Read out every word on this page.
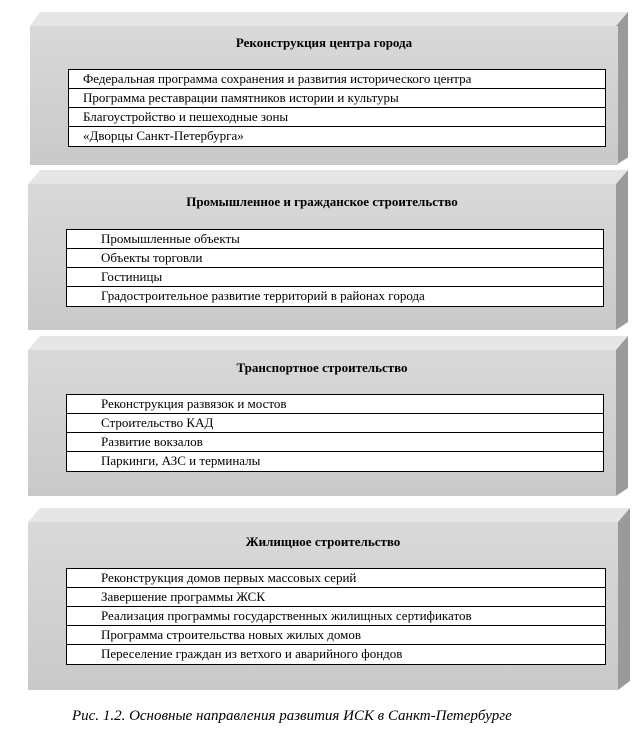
Реконструкция центра города
Федеральная программа сохранения и развития исторического центра
Программа реставрации памятников истории и культуры
Благоустройство и пешеходные зоны
«Дворцы Санкт-Петербурга»
Промышленное и гражданское строительство
Промышленные объекты
Объекты торговли
Гостиницы
Градостроительное развитие территорий в районах города
Транспортное строительство
Реконструкция развязок и мостов
Строительство КАД
Развитие вокзалов
Паркинги, АЗС и терминалы
Жилищное строительство
Реконструкция домов первых массовых серий
Завершение программы ЖСК
Реализация программы государственных жилищных сертификатов
Программа строительства новых жилых домов
Переселение граждан из ветхого и аварийного фондов
Рис. 1.2. Основные направления развития ИСК в Санкт-Петербурге
